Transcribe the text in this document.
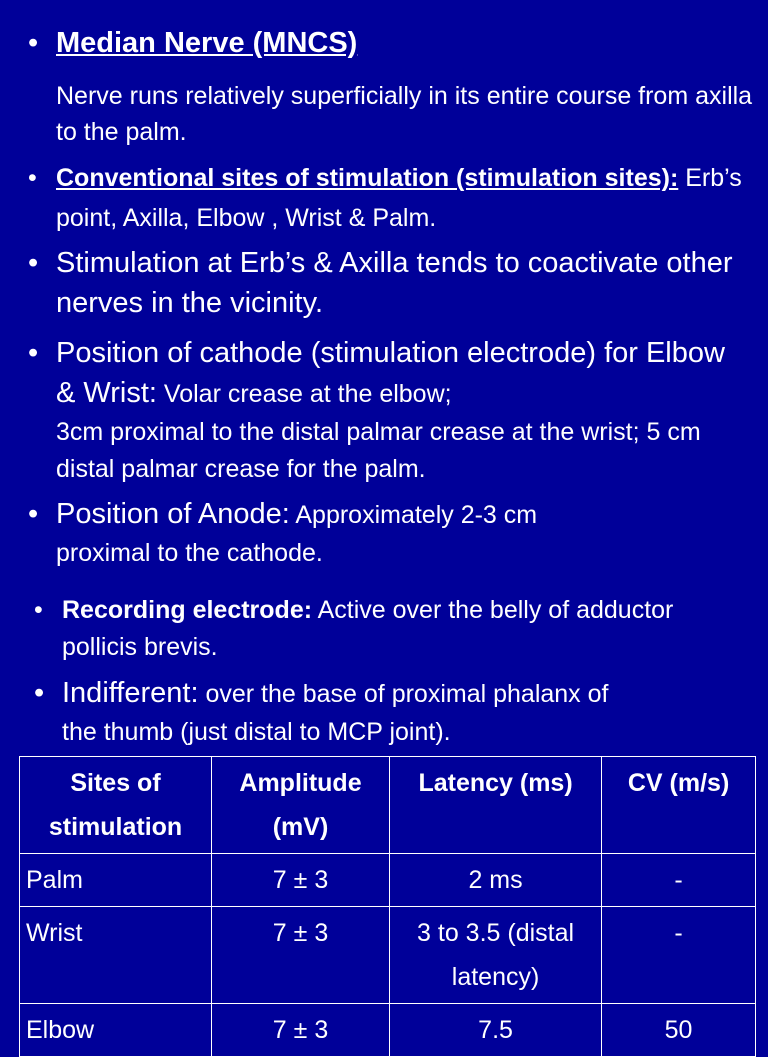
• Median Nerve (MNCS)
Nerve runs relatively superficially in its entire course from axilla to the palm.
• Conventional sites of stimulation (stimulation sites): Erb’s point, Axilla, Elbow , Wrist & Palm.
• Stimulation at Erb’s & Axilla tends to coactivate other nerves in the vicinity.
• Position of cathode (stimulation electrode) for Elbow & Wrist: Volar crease at the elbow;
3cm proximal to the distal palmar crease at the wrist; 5 cm distal palmar crease for the palm.
• Position of Anode: Approximately 2-3 cm
proximal to the cathode.
• Recording electrode: Active over the belly of adductor pollicis brevis.
• Indifferent: over the base of proximal phalanx of
the thumb (just distal to MCP joint).
Sites of stimulation	Amplitude (mV)	Latency (ms)	CV (m/s)
Palm	7 ± 3	2 ms	-
Wrist	7 ± 3	3 to 3.5 (distal latency)	-
Elbow	7 ± 3	7.5	50
